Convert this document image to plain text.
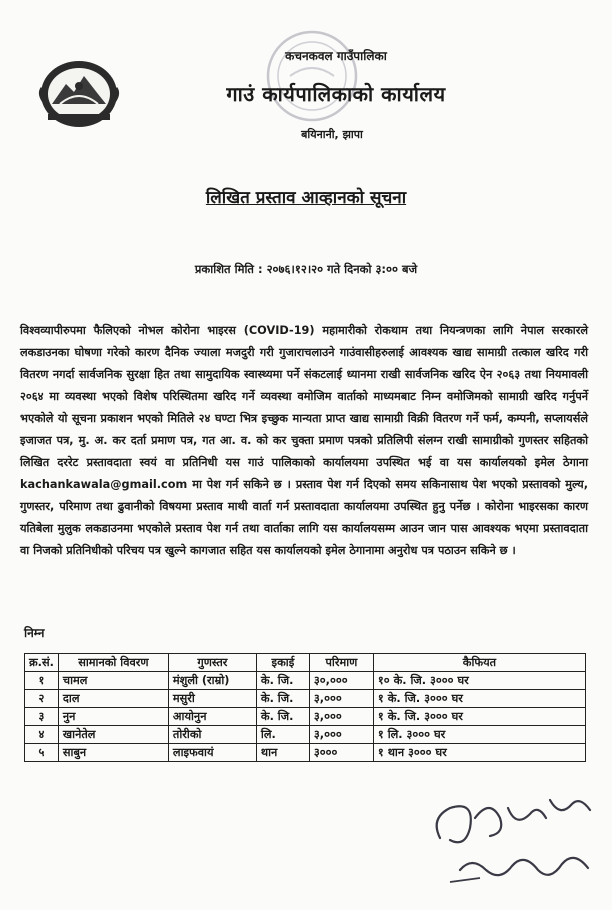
कचनकवल गाउँपालिका
गाउं कार्यपालिकाको कार्यालय
बयिनानी, झापा
लिखित प्रस्ताव आव्हानको सूचना
प्रकाशित मिति : २०७६।१२।२० गते दिनको ३:०० बजे
विश्वव्यापीरुपमा फैलिएको नोभल कोरोना भाइरस (COVID-19) महामारीको रोकथाम तथा नियन्त्रणका लागि नेपाल सरकारले लकडाउनका घोषणा गरेको कारण दैनिक ज्याला मजदुरी गरी गुजाराचलाउने गाउंवासीहरुलाई आवश्यक खाद्य सामाग्री तत्काल खरिद गरी वितरण नगर्दा सार्वजनिक सुरक्षा हित तथा सामुदायिक स्वास्थ्यमा पर्ने संकटलाई ध्यानमा राखी सार्वजनिक खरिद ऐन २०६३ तथा नियमावली २०६४ मा व्यवस्था भएको विशेष परिस्थितमा खरिद गर्ने व्यवस्था वमोजिम वार्ताको माध्यमबाट निम्न वमोजिमको सामाग्री खरिद गर्नुपर्ने भएकोले यो सूचना प्रकाशन भएको मितिले २४ घण्टा भित्र इच्छुक मान्यता प्राप्त खाद्य सामाग्री विक्री वितरण गर्ने फर्म, कम्पनी, सप्लायर्सले इजाजत पत्र, मु. अ. कर दर्ता प्रमाण पत्र, गत आ. व. को कर चुक्ता प्रमाण पत्रको प्रतिलिपी संलग्न राखी सामाग्रीको गुणस्तर सहितको लिखित दररेट प्रस्तावदाता स्वयं वा प्रतिनिधी यस गाउं पालिकाको कार्यालयमा उपस्थित भई वा यस कार्यालयको इमेल ठेगाना kachankawala@gmail.com मा पेश गर्न सकिने छ । प्रस्ताव पेश गर्न दिएको समय सकिनासाथ पेश भएको प्रस्तावको मुल्य, गुणस्तर, परिमाण तथा ढुवानीको विषयमा प्रस्ताव माथी वार्ता गर्न प्रस्तावदाता कार्यालयमा उपस्थित हुनु पर्नेछ । कोरोना भाइरसका कारण यतिबेला मुलुक लकडाउनमा भएकोले प्रस्ताव पेश गर्न तथा वार्ताका लागि यस कार्यालयसम्म आउन जान पास आवश्यक भएमा प्रस्तावदाता वा निजको प्रतिनिधीको परिचय पत्र खुल्ने कागजात सहित यस कार्यालयको इमेल ठेगानामा अनुरोध पत्र पठाउन सकिने छ ।
निम्न
क्र.सं.	सामानको विवरण	गुणस्तर	इकाई	परिमाण	कैफियत
१	चामल	मंशुली (राम्रो)	के. जि.	३०,०००	१० के. जि. ३००० घर
२	दाल	मसुरी	के. जि.	३,०००	१ के. जि. ३००० घर
३	नुन	आयोनुन	के. जि.	३,०००	१ के. जि. ३००० घर
४	खानेतेल	तोरीको	लि.	३,०००	१ लि. ३००० घर
५	साबुन	लाइफवायं	थान	३०००	१ थान ३००० घर
